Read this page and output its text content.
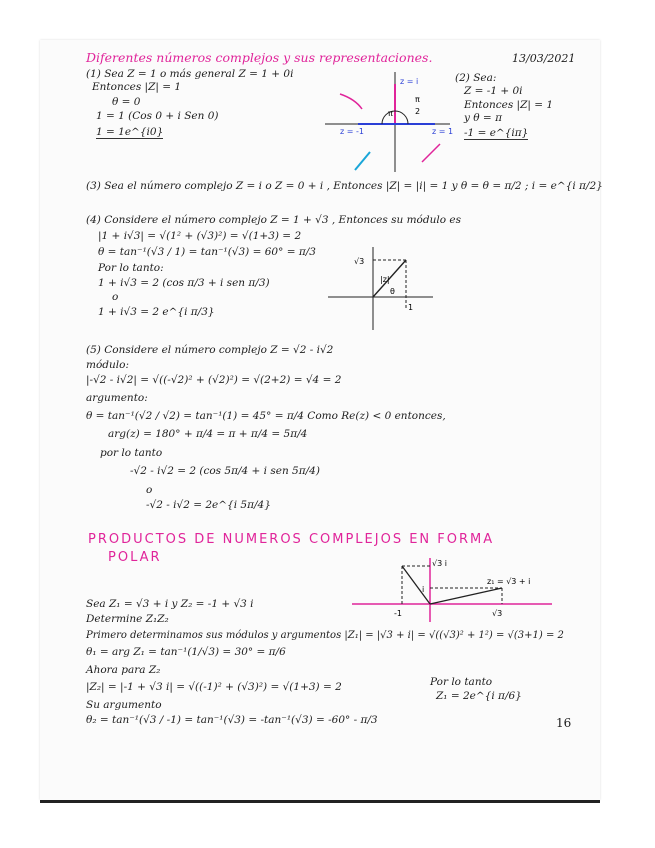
Diferentes números complejos y sus representaciones.	13/03/2021
(1) Sea Z = 1 o más general Z = 1 + 0i
Entonces |Z| = 1
θ = 0
1 = 1 (Cos 0 + i Sen 0)
1 = 1e^{i0}
(2) Sea:
Z = -1 + 0i
Entonces |Z| = 1
y θ = π
-1 = e^{iπ}
z = i
z = -1	z = 1
π
π
2
(3) Sea el número complejo Z = i o Z = 0 + i , Entonces |Z| = |i| = 1 y θ = θ = π/2 ; i = e^{i π/2}
(4) Considere el número complejo Z = 1 + √3 , Entonces su módulo es
|1 + i√3| = √(1² + (√3)²) = √(1+3) = 2
θ = tan⁻¹(√3 / 1) = tan⁻¹(√3) = 60° = π/3
Por lo tanto:
1 + i√3 = 2 (cos π/3 + i sen π/3)
o
1 + i√3 = 2 e^{i π/3}
√3
|z|
θ
1
(5) Considere el número complejo Z = √2 - i√2
módulo:
|-√2 - i√2| = √((-√2)² + (√2)²) = √(2+2) = √4 = 2
argumento:
θ = tan⁻¹(√2 / √2) = tan⁻¹(1) = 45° = π/4 Como Re(z) < 0 entonces,
arg(z) = 180° + π/4 = π + π/4 = 5π/4
por lo tanto
-√2 - i√2 = 2 (cos 5π/4 + i sen 5π/4)
o
-√2 - i√2 = 2e^{i 5π/4}
PRODUCTOS DE NUMEROS COMPLEJOS EN FORMA
POLAR	√3 i
z₁ = √3 + i
-1	√3
i
Sea Z₁ = √3 + i y Z₂ = -1 + √3 i
Determine Z₁Z₂
Primero determinamos sus módulos y argumentos |Z₁| = |√3 + i| = √((√3)² + 1²) = √(3+1) = 2
θ₁ = arg Z₁ = tan⁻¹(1/√3) = 30° = π/6
Ahora para Z₂
|Z₂| = |-1 + √3 i| = √((-1)² + (√3)²) = √(1+3) = 2
Su argumento
θ₂ = tan⁻¹(√3 / -1) = tan⁻¹(√3) = -tan⁻¹(√3) = -60° - π/3
Por lo tanto
Z₁ = 2e^{i π/6}
16
